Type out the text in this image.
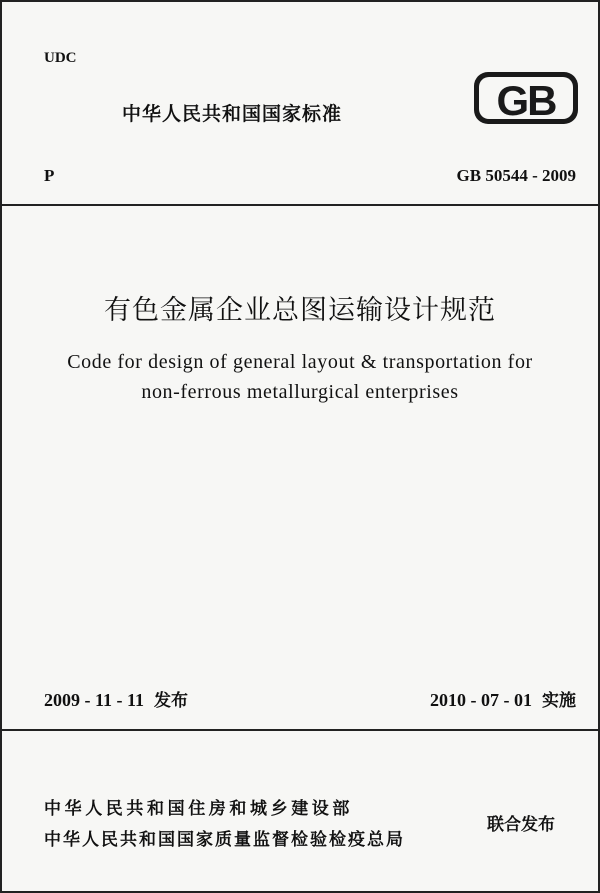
UDC
中华人民共和国国家标准	GB
P	GB 50544 - 2009
有色金属企业总图运输设计规范
Code for design of general layout & transportation for
non-ferrous metallurgical enterprises
2009 - 11 - 11 发布	2010 - 07 - 01 实施
中华人民共和国住房和城乡建设部
中华人民共和国国家质量监督检验检疫总局
联合发布
